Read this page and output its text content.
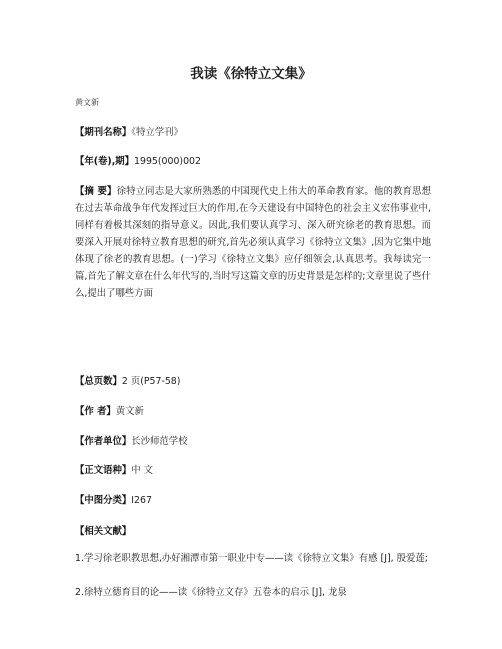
我读《徐特立文集》
黄文新
【期刊名称】《特立学刊》
【年(卷),期】1995(000)002
【摘 要】徐特立同志是大家所熟悉的中国现代史上伟大的革命教育家。他的教育思想在过去革命战争年代发挥过巨大的作用,在今天建设有中国特色的社会主义宏伟事业中,同样有着极其深刻的指导意义。因此,我们要认真学习、深入研究徐老的教育思想。而要深入开展对徐特立教育思想的研究,首先必须认真学习《徐特立文集》,因为它集中地体现了徐老的教育思想。(一)学习《徐特立文集》应仔细领会,认真思考。我每读完一篇,首先了解文章在什么年代写的,当时写这篇文章的历史背景是怎样的;文章里说了些什么,提出了哪些方面
【总页数】2 页(P57-58)
【作 者】黄文新
【作者单位】长沙师范学校
【正文语种】中 文
【中图分类】I267
【相关文献】
1.学习徐老职教思想,办好湘潭市第一职业中专——读《徐特立文集》有感 [J], 殷爱莲;
2.徐特立德育目的论——读《徐特立文存》五卷本的启示 [J], 龙泉
